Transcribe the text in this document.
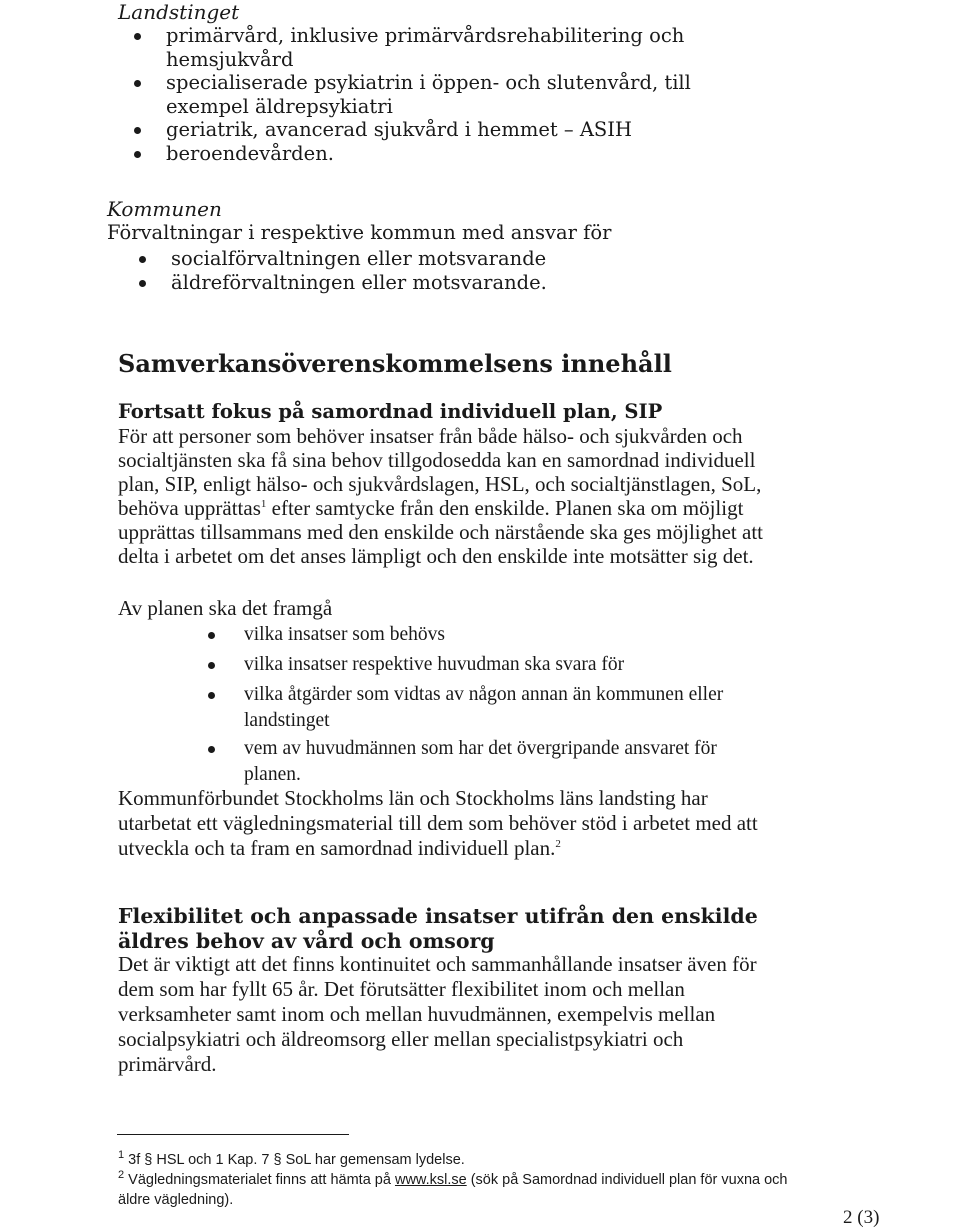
Landstinget
primärvård, inklusive primärvårdsrehabilitering och hemsjukvård
specialiserade psykiatrin i öppen- och slutenvård, till exempel äldrepsykiatri
geriatrik, avancerad sjukvård i hemmet – ASIH
beroendevården.
Kommunen
Förvaltningar i respektive kommun med ansvar för
socialförvaltningen eller motsvarande
äldreförvaltningen eller motsvarande.
Samverkansöverenskommelsens innehåll
Fortsatt fokus på samordnad individuell plan, SIP

För att personer som behöver insatser från både hälso- och sjukvården och socialtjänsten ska få sina behov tillgodosedda kan en samordnad individuell plan, SIP, enligt hälso- och sjukvårdslagen, HSL, och socialtjänstlagen, SoL, behöva upprättas$^1$ efter samtycke från den enskilde. Planen ska om möjligt upprättas tillsammans med den enskilde och närstående ska ges möjlighet att delta i arbetet om det anses lämpligt och den enskilde inte motsätter sig det.

Av planen ska det framgå
vilka insatser som behövs
vilka insatser respektive huvudman ska svara för
vilka åtgärder som vidtas av någon annan än kommunen eller landstinget
vem av huvudmännen som har det övergripande ansvaret för planen.

Kommunförbundet Stockholms län och Stockholms läns landsting har utarbetat ett vägledningsmaterial till dem som behöver stöd i arbetet med att utveckla och ta fram en samordnad individuell plan.$^2$

Flexibilitet och anpassade insatser utifrån den enskilde äldres behov av vård och omsorg

Det är viktigt att det finns kontinuitet och sammanhållande insatser även för dem som har fyllt 65 år. Det förutsätter flexibilitet inom och mellan verksamheter samt inom och mellan huvudmännen, exempelvis mellan socialpsykiatri och äldreomsorg eller mellan specialistpsykiatri och primärvård.

$^1$ 3f § HSL och 1 Kap. 7 § SoL har gemensam lydelse.

$^2$ Vägledningsmaterialet finns att hämta på www.ksl.se (sök på Samordnad individuell plan för vuxna och äldre vägledning).

2 (3)
